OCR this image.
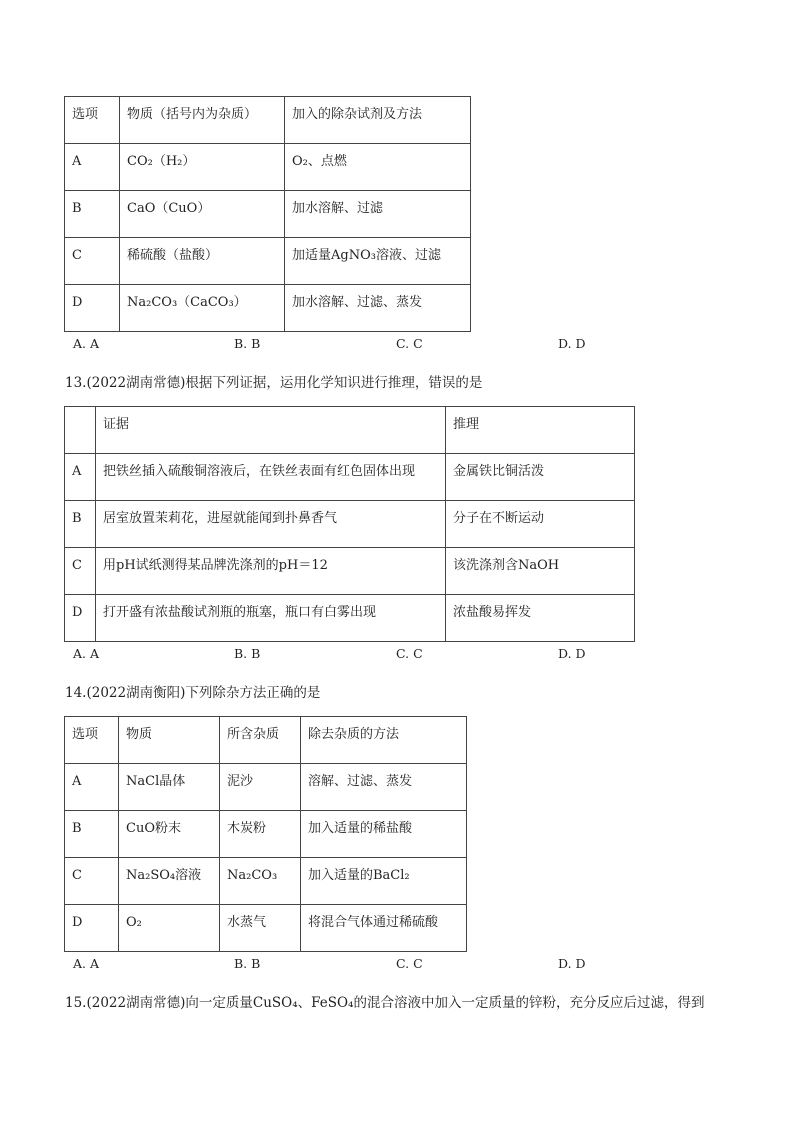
选项	物质（括号内为杂质）	加入的除杂试剂及方法
A	CO₂（H₂）	O₂、点燃
B	CaO（CuO）	加水溶解、过滤
C	稀硫酸（盐酸）	加适量AgNO₃溶液、过滤
D	Na₂CO₃（CaCO₃）	加水溶解、过滤、蒸发
A. A	B. B	C. C	D. D
13.(2022湖南常德)根据下列证据，运用化学知识进行推理，错误的是
	证据	推理
A	把铁丝插入硫酸铜溶液后，在铁丝表面有红色固体出现	金属铁比铜活泼
B	居室放置茉莉花，进屋就能闻到扑鼻香气	分子在不断运动
C	用pH试纸测得某品牌洗涤剂的pH＝12	该洗涤剂含NaOH
D	打开盛有浓盐酸试剂瓶的瓶塞，瓶口有白雾出现	浓盐酸易挥发
A. A	B. B	C. C	D. D
14.(2022湖南衡阳)下列除杂方法正确的是
选项	物质	所含杂质	除去杂质的方法
A	NaCl晶体	泥沙	溶解、过滤、蒸发
B	CuO粉末	木炭粉	加入适量的稀盐酸
C	Na₂SO₄溶液	Na₂CO₃	加入适量的BaCl₂
D	O₂	水蒸气	将混合气体通过稀硫酸
A. A	B. B	C. C	D. D
15.(2022湖南常德)向一定质量CuSO₄、FeSO₄的混合溶液中加入一定质量的锌粉，充分反应后过滤，得到
